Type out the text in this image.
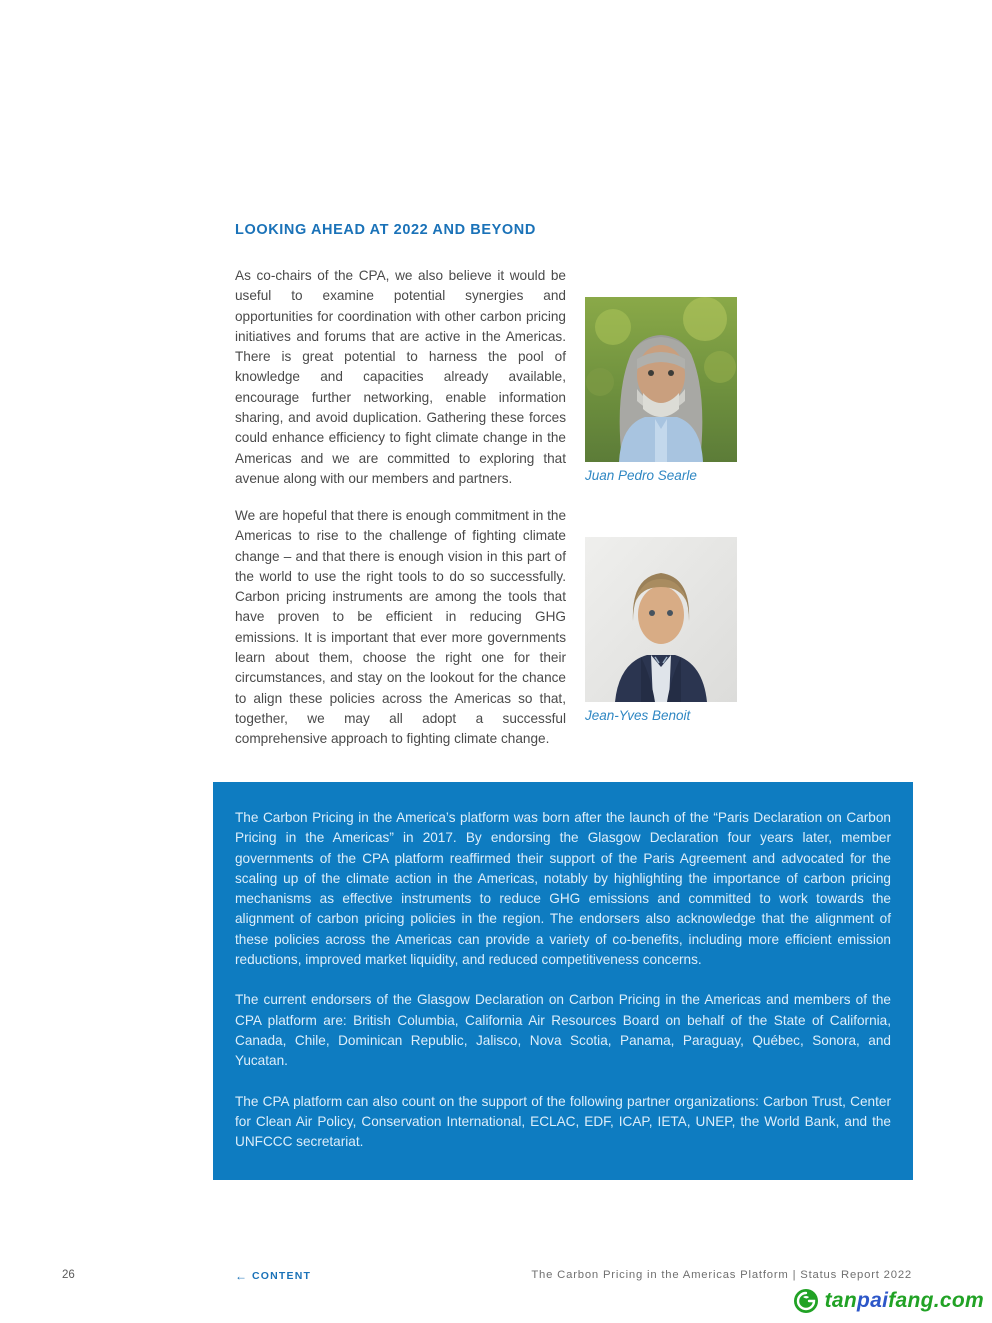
LOOKING AHEAD AT 2022 AND BEYOND

As co-chairs of the CPA, we also believe it would be useful to examine potential synergies and opportunities for coordination with other carbon pricing initiatives and forums that are active in the Americas. There is great potential to harness the pool of knowledge and capacities already available, encourage further networking, enable information sharing, and avoid duplication. Gathering these forces could enhance efficiency to fight climate change in the Americas and we are committed to exploring that avenue along with our members and partners.

We are hopeful that there is enough commitment in the Americas to rise to the challenge of fighting climate change – and that there is enough vision in this part of the world to use the right tools to do so successfully. Carbon pricing instruments are among the tools that have proven to be efficient in reducing GHG emissions. It is important that ever more governments learn about them, choose the right one for their circumstances, and stay on the lookout for the chance to align these policies across the Americas so that, together, we may all adopt a successful comprehensive approach to fighting climate change.

Juan Pedro Searle
Jean-Yves Benoit

The Carbon Pricing in the America’s platform was born after the launch of the “Paris Declaration on Carbon Pricing in the Americas” in 2017. By endorsing the Glasgow Declaration four years later, member governments of the CPA platform reaffirmed their support of the Paris Agreement and advocated for the scaling up of the climate action in the Americas, notably by highlighting the importance of carbon pricing mechanisms as effective instruments to reduce GHG emissions and committed to work towards the alignment of carbon pricing policies in the region. The endorsers also acknowledge that the alignment of these policies across the Americas can provide a variety of co-benefits, including more efficient emission reductions, improved market liquidity, and reduced competitiveness concerns.

The current endorsers of the Glasgow Declaration on Carbon Pricing in the Americas and members of the CPA platform are: British Columbia, California Air Resources Board on behalf of the State of California, Canada, Chile, Dominican Republic, Jalisco, Nova Scotia, Panama, Paraguay, Québec, Sonora, and Yucatan.

The CPA platform can also count on the support of the following partner organizations: Carbon Trust, Center for Clean Air Policy, Conservation International, ECLAC, EDF, ICAP, IETA, UNEP, the World Bank, and the UNFCCC secretariat.

26	← CONTENT	The Carbon Pricing in the Americas Platform | Status Report 2022
tanpaifang.com
